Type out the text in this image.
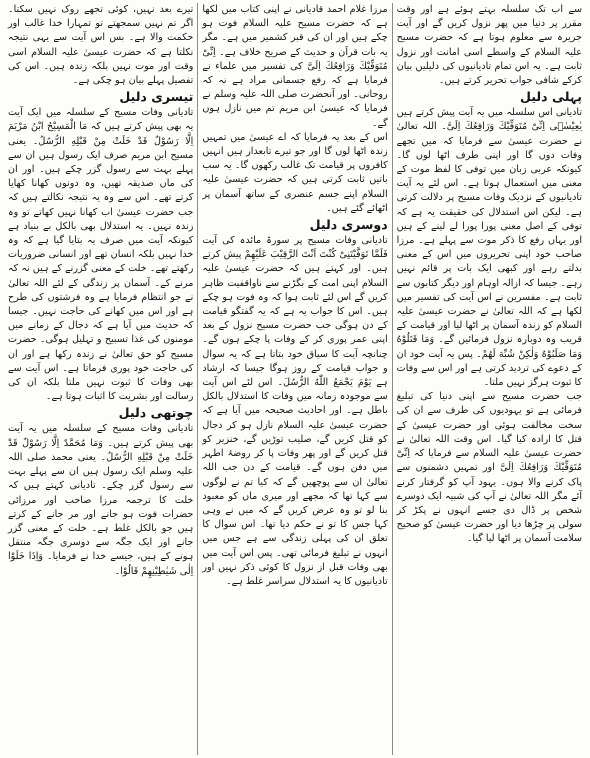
سے اب تک سلسلہ بہتے ہوئے ہے اور وقت مقرر پر دنیا میں پھر نزول کریں گے اور آیت جریرہ سے معلوم ہوتا ہے کہ حضرت مسیح علیہ السلام کے واسطے اسی امانت اور نزول ثابت ہے۔ یہ اس تمام تادیانیوں کی دلیلیں بیان کرکے شافی جواب تحریر کرتے ہیں۔

پہلی دلیل

تادیانی اس سلسلہ میں یہ آیت پیش کرتے ہیں یٰعِیْسٰۤی اِنِّیْ مُتَوَفِّیْكَ وَرَافِعُكَ اِلَیَّ۔ اللہ تعالیٰ نے حضرت عیسیٰ سے فرمایا کہ میں تجھے وفات دوں گا اور اپنی طرف اٹھا لوں گا۔ کیونکہ عربی زبان میں توفی کا لفظ موت کے معنی میں استعمال ہوتا ہے۔ اس لئے یہ آیت تادیانیوں کے نزدیک وفات مسیح پر دلالت کرتی ہے۔ لیکن اس استدلال کی حقیقت یہ ہے کہ توفی کے اصل معنی پورا پورا لے لینے کے ہیں اور یہاں رفع کا ذکر موت سے پہلے ہے۔ مرزا صاحب خود اپنی تحریروں میں اس کے معنی بدلتے رہے اور کبھی ایک بات پر قائم نہیں رہے۔ جیسا کہ ازالہ اوہام اور دیگر کتابوں سے ثابت ہے۔ مفسرین نے اس آیت کی تفسیر میں لکھا ہے کہ اللہ تعالیٰ نے حضرت عیسیٰ علیہ السلام کو زندہ آسمان پر اٹھا لیا اور قیامت کے قریب وہ دوبارہ نزول فرمائیں گے۔ وَمَا قَتَلُوْهُ وَمَا صَلَبُوْهُ وَلٰكِنْ شُبِّهَ لَهُمْ۔ پس یہ آیت خود ان کے دعوے کی تردید کرتی ہے اور اس سے وفات کا ثبوت ہرگز نہیں ملتا۔

جب حضرت مسیح سے اپنی دنیا کی تبلیغ فرمائی ہے تو یہودیوں کی طرف سے ان کی سخت مخالفت ہوئی اور حضرت عیسیٰ کے قتل کا ارادہ کیا گیا۔ اس وقت اللہ تعالیٰ نے حضرت عیسیٰ علیہ السلام سے فرمایا کہ اِنِّیْ مُتَوَفِّیْكَ وَرَافِعُكَ اِلَیَّ اور تمہیں دشمنوں سے پاک کرنے والا ہوں۔ یہود آپ کو گرفتار کرنے آئے مگر اللہ تعالیٰ نے آپ کی شبیہ ایک دوسرے شخص پر ڈال دی جسے انہوں نے پکڑ کر سولی پر چڑھا دیا اور حضرت عیسیٰ کو صحیح سلامت آسمان پر اٹھا لیا گیا۔

مرزا غلام احمد قادیانی نے اپنی کتاب میں لکھا ہے کہ حضرت مسیح علیہ السلام فوت ہو چکے ہیں اور ان کی قبر کشمیر میں ہے۔ مگر یہ بات قرآن و حدیث کے صریح خلاف ہے۔ اِنِّیْ مُتَوَفِّیْكَ وَرَافِعُكَ اِلَیَّ کی تفسیر میں علماء نے فرمایا ہے کہ رفع جسمانی مراد ہے نہ کہ روحانی۔ اور آنحضرت صلی اللہ علیہ وسلم نے فرمایا کہ عیسیٰ ابن مریم تم میں نازل ہوں گے۔

اس کے بعد یہ فرمایا کہ اے عیسیٰ میں تمہیں زندہ اٹھا لوں گا اور جو تیرے تابعدار ہیں انہیں کافروں پر قیامت تک غالب رکھوں گا۔ یہ سب باتیں ثابت کرتی ہیں کہ حضرت عیسیٰ علیہ السلام اپنے جسم عنصری کے ساتھ آسمان پر اٹھائے گئے ہیں۔

دوسری دلیل

تادیانی وفات مسیح پر سورۃ مائدہ کی آیت فَلَمَّا تَوَفَّیْتَنِیْ كُنْتَ اَنْتَ الرَّقِیْبَ عَلَیْهِمْ پیش کرتے ہیں۔ اور کہتے ہیں کہ حضرت عیسیٰ علیہ السلام اپنی امت کے بگڑنے سے ناواقفیت ظاہر کریں گے اس لئے ثابت ہوا کہ وہ فوت ہو چکے ہیں۔ اس کا جواب یہ ہے کہ یہ گفتگو قیامت کے دن ہوگی جب حضرت مسیح نزول کے بعد اپنی عمر پوری کر کے وفات پا چکے ہوں گے۔ چنانچہ آیت کا سیاق خود بتاتا ہے کہ یہ سوال و جواب قیامت کے روز ہوگا جیسا کہ ارشاد ہے یَوْمَ یَجْمَعُ اللّٰهُ الرُّسُلَ۔ اس لئے اس آیت سے موجودہ زمانہ میں وفات کا استدلال بالکل باطل ہے۔ اور احادیث صحیحہ میں آیا ہے کہ حضرت عیسیٰ علیہ السلام نازل ہو کر دجال کو قتل کریں گے، صلیب توڑیں گے، خنزیر کو قتل کریں گے اور پھر وفات پا کر روضۂ اطہر میں دفن ہوں گے۔ قیامت کے دن جب اللہ تعالیٰ ان سے پوچھیں گے کہ کیا تم نے لوگوں سے کہا تھا کہ مجھے اور میری ماں کو معبود بنا لو تو وہ عرض کریں گے کہ میں نے وہی کہا جس کا تو نے حکم دیا تھا۔ اس سوال کا تعلق ان کی پہلی زندگی سے ہے جس میں انہوں نے تبلیغ فرمائی تھی۔ پس اس آیت میں بھی وفات قبل از نزول کا کوئی ذکر نہیں اور تادیانیوں کا یہ استدلال سراسر غلط ہے۔

تیرے بعد نہیں، کوئی تجھے روک نہیں سکتا۔ اگر تم نہیں سمجھتے تو تمہارا خدا غالب اور حکمت والا ہے۔ بس اس آیت سے یہی نتیجہ نکلتا ہے کہ حضرت عیسیٰ علیہ السلام اسی وقت اور موت نہیں بلکہ زندہ ہیں۔ اس کی تفصیل پہلے بیان ہو چکی ہے۔

تیسری دلیل

تادیانی وفات مسیح کے سلسلہ میں ایک آیت یہ بھی پیش کرتے ہیں کہ مَا الْمَسِیْحُ ابْنُ مَرْیَمَ اِلَّا رَسُوْلٌ قَدْ خَلَتْ مِنْ قَبْلِهِ الرُّسُلُ۔ یعنی مسیح ابن مریم صرف ایک رسول ہیں ان سے پہلے بہت سے رسول گزر چکے ہیں۔ اور ان کی ماں صدیقہ تھیں، وہ دونوں کھانا کھایا کرتے تھے۔ اس سے وہ یہ نتیجہ نکالتے ہیں کہ جب حضرت عیسیٰ اب کھانا نہیں کھاتے تو وہ زندہ نہیں۔ یہ استدلال بھی بالکل بے بنیاد ہے کیونکہ آیت میں صرف یہ بتایا گیا ہے کہ وہ خدا نہیں بلکہ انسان تھے اور انسانی ضروریات رکھتے تھے۔ خلت کے معنی گزرنے کے ہیں نہ کہ مرنے کے۔ آسمان پر زندگی کے لئے اللہ تعالیٰ نے جو انتظام فرمایا ہے وہ فرشتوں کی طرح ہے اور اس میں کھانے کی حاجت نہیں۔ جیسا کہ حدیث میں آیا ہے کہ دجال کے زمانے میں مومنوں کی غذا تسبیح و تہلیل ہوگی۔ حضرت مسیح کو حق تعالیٰ نے زندہ رکھا ہے اور ان کی حاجت خود پوری فرماتا ہے۔ اس آیت سے بھی وفات کا ثبوت نہیں ملتا بلکہ ان کی رسالت اور بشریت کا اثبات ہوتا ہے۔

چوتھی دلیل

تادیانی وفات مسیح کے سلسلہ میں یہ آیت بھی پیش کرتے ہیں۔ وَمَا مُحَمَّدٌ اِلَّا رَسُوْلٌ قَدْ خَلَتْ مِنْ قَبْلِهِ الرُّسُلُ۔ یعنی محمد صلی اللہ علیہ وسلم ایک رسول ہیں ان سے پہلے بہت سے رسول گزر چکے۔ تادیانی کہتے ہیں کہ خلت کا ترجمہ مرزا صاحب اور مرزائی حضرات فوت ہو جانے اور مر جانے کے کرتے ہیں جو بالکل غلط ہے۔ خلت کے معنی گزر جانے اور ایک جگہ سے دوسری جگہ منتقل ہونے کے ہیں، جیسے خدا نے فرمایا۔ وَاِذَا خَلَوْا اِلٰى شَیٰطِیْنِهِمْ قَالُوْا۔
